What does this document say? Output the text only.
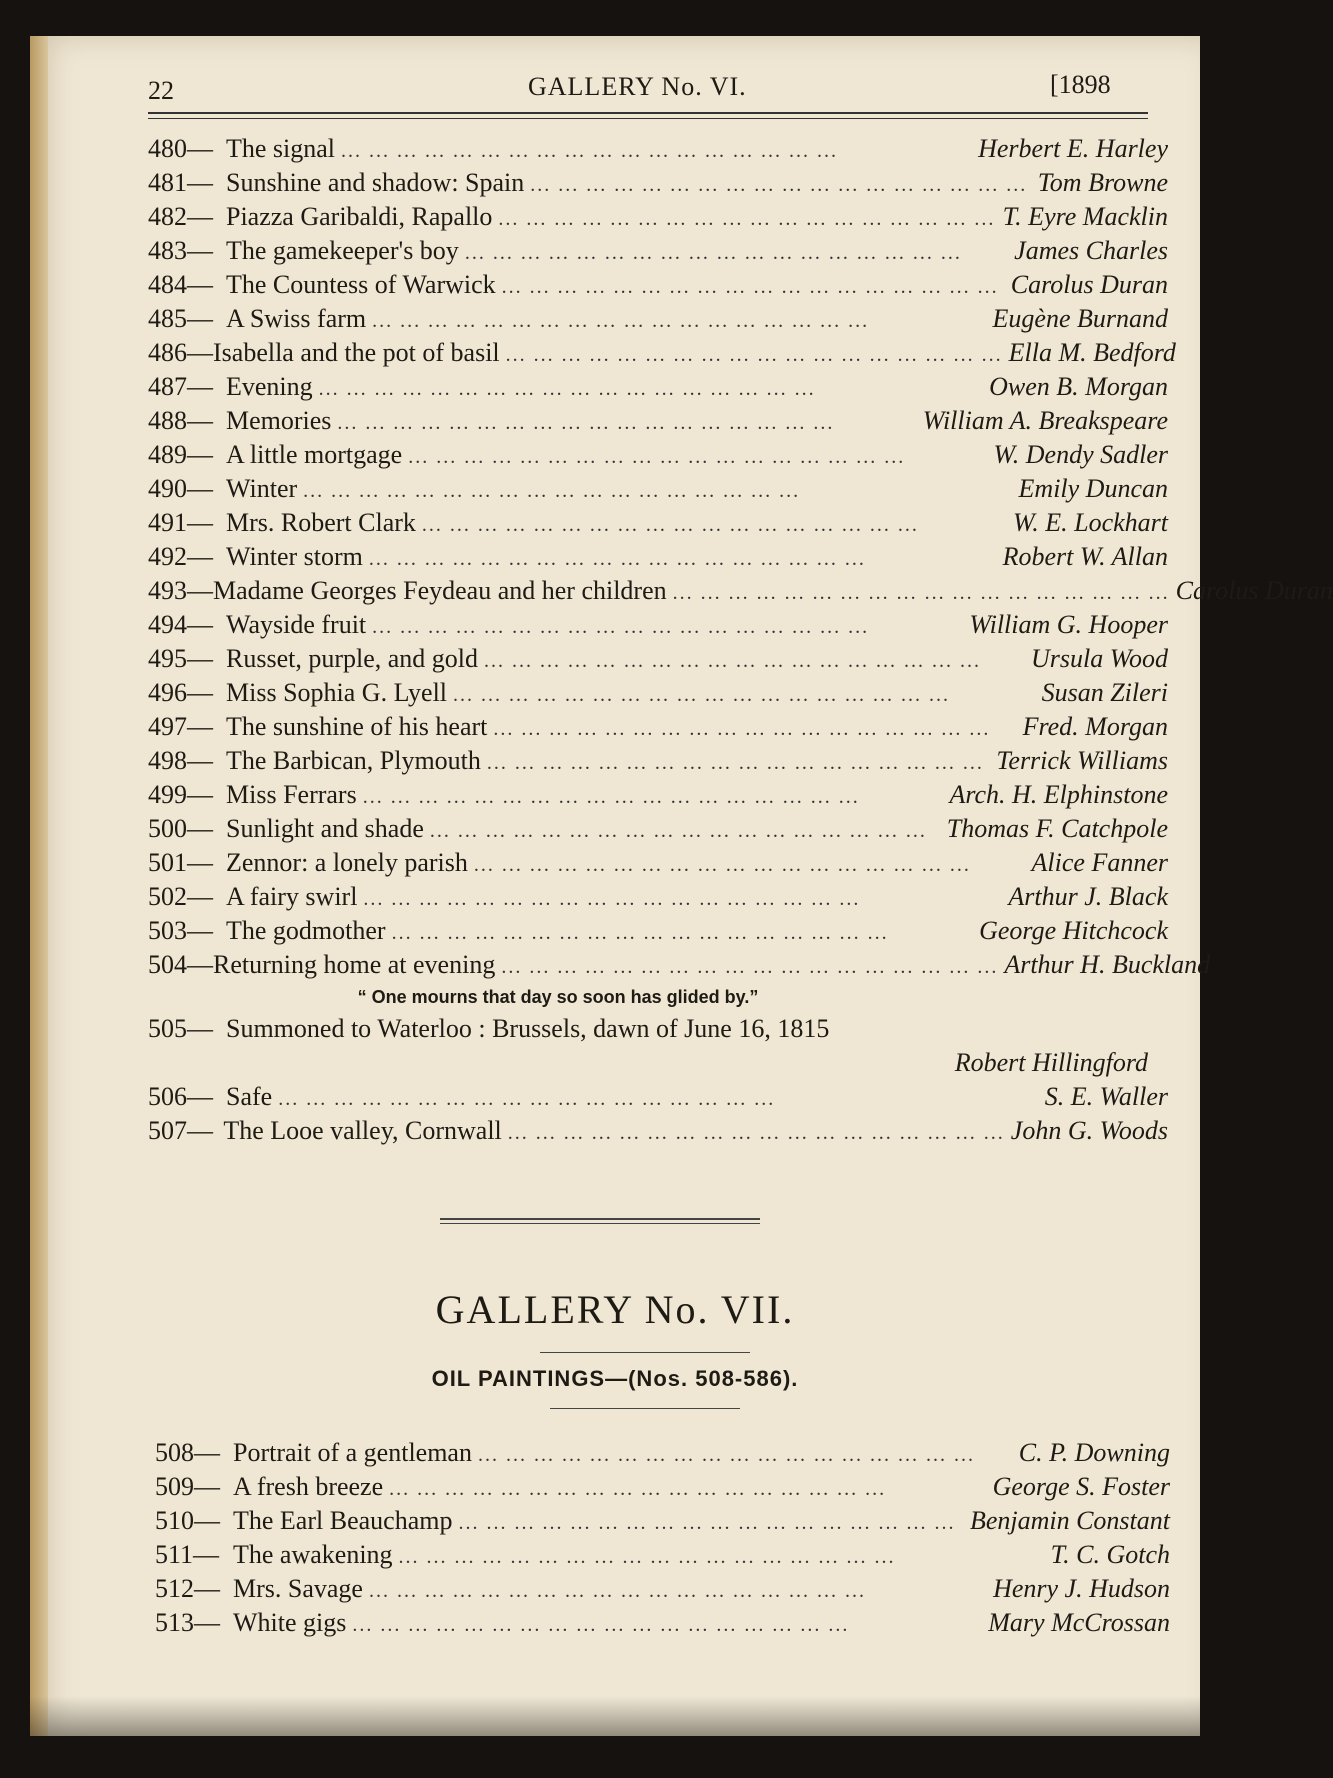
22	GALLERY No. VI.	[1898
480— The signal ... ... ... ... ... ... ... ... ... ... ... ... ... ... ... ... ... ...	Herbert E. Harley
481— Sunshine and shadow: Spain ... ... ... ... ... ... ... ... ... ... ... ... ... ... ... ... ... ... Tom Browne
482— Piazza Garibaldi, Rapallo ... ... ... ... ... ... ... ... ... ... ... ... ... ... ... ... ... ... T. Eyre Macklin
483— The gamekeeper's boy ... ... ... ... ... ... ... ... ... ... ... ... ... ... ... ... ... ...	James Charles
484— The Countess of Warwick ... ... ... ... ... ... ... ... ... ... ... ... ... ... ... ... ... ... Carolus Duran
485— A Swiss farm ... ... ... ... ... ... ... ... ... ... ... ... ... ... ... ... ... ...	Eugène Burnand
486— Isabella and the pot of basil ... ... ... ... ... ... ... ... ... ... ... ... ... ... ... ... ... ... Ella M. Bedford
487— Evening ... ... ... ... ... ... ... ... ... ... ... ... ... ... ... ... ... ...	Owen B. Morgan
488— Memories ... ... ... ... ... ... ... ... ... ... ... ... ... ... ... ... ... ...	William A. Breakspeare
489— A little mortgage ... ... ... ... ... ... ... ... ... ... ... ... ... ... ... ... ... ...	W. Dendy Sadler
490— Winter ... ... ... ... ... ... ... ... ... ... ... ... ... ... ... ... ... ...	Emily Duncan
491— Mrs. Robert Clark ... ... ... ... ... ... ... ... ... ... ... ... ... ... ... ... ... ...	W. E. Lockhart
492— Winter storm ... ... ... ... ... ... ... ... ... ... ... ... ... ... ... ... ... ...	Robert W. Allan
493— Madame Georges Feydeau and her children ... ... ... ... ... ... ... ... ... ... ... ... ... ... ... ... ... ... Carolus Duran
494— Wayside fruit ... ... ... ... ... ... ... ... ... ... ... ... ... ... ... ... ... ...	William G. Hooper
495— Russet, purple, and gold ... ... ... ... ... ... ... ... ... ... ... ... ... ... ... ... ... ...	Ursula Wood
496— Miss Sophia G. Lyell ... ... ... ... ... ... ... ... ... ... ... ... ... ... ... ... ... ...	Susan Zileri
497— The sunshine of his heart ... ... ... ... ... ... ... ... ... ... ... ... ... ... ... ... ... ...	Fred. Morgan
498— The Barbican, Plymouth ... ... ... ... ... ... ... ... ... ... ... ... ... ... ... ... ... ... Terrick Williams
499— Miss Ferrars ... ... ... ... ... ... ... ... ... ... ... ... ... ... ... ... ... ...	Arch. H. Elphinstone
500— Sunlight and shade ... ... ... ... ... ... ... ... ... ... ... ... ... ... ... ... ... ... Thomas F. Catchpole
501— Zennor: a lonely parish ... ... ... ... ... ... ... ... ... ... ... ... ... ... ... ... ... ...	Alice Fanner
502— A fairy swirl ... ... ... ... ... ... ... ... ... ... ... ... ... ... ... ... ... ...	Arthur J. Black
503— The godmother ... ... ... ... ... ... ... ... ... ... ... ... ... ... ... ... ... ...	George Hitchcock
504— Returning home at evening ... ... ... ... ... ... ... ... ... ... ... ... ... ... ... ... ... ... Arthur H. Buckland
“ One mourns that day so soon has glided by.”
505— Summoned to Waterloo : Brussels, dawn of June 16, 1815
Robert Hillingford
506— Safe ... ... ... ... ... ... ... ... ... ... ... ... ... ... ... ... ... ...	S. E. Waller
507— The Looe valley, Cornwall ... ... ... ... ... ... ... ... ... ... ... ... ... ... ... ... ... ... John G. Woods
GALLERY No. VII.
OIL PAINTINGS—(Nos. 508-586).
508— Portrait of a gentleman ... ... ... ... ... ... ... ... ... ... ... ... ... ... ... ... ... ...	C. P. Downing
509— A fresh breeze ... ... ... ... ... ... ... ... ... ... ... ... ... ... ... ... ... ...	George S. Foster
510— The Earl Beauchamp ... ... ... ... ... ... ... ... ... ... ... ... ... ... ... ... ... ... Benjamin Constant
511— The awakening ... ... ... ... ... ... ... ... ... ... ... ... ... ... ... ... ... ...	T. C. Gotch
512— Mrs. Savage ... ... ... ... ... ... ... ... ... ... ... ... ... ... ... ... ... ...	Henry J. Hudson
513— White gigs ... ... ... ... ... ... ... ... ... ... ... ... ... ... ... ... ... ...	Mary McCrossan
